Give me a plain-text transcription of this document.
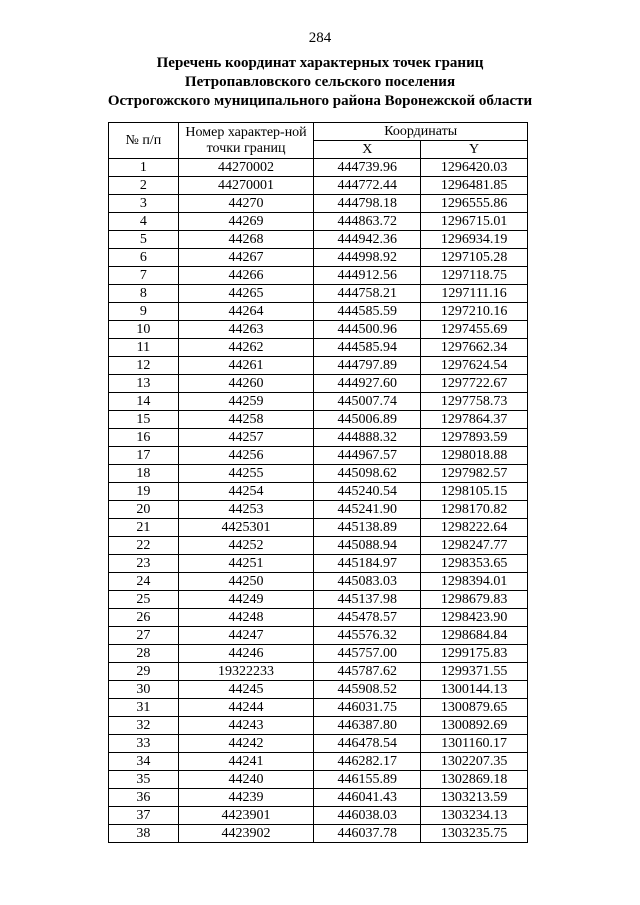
284
Перечень координат характерных точек границ
Петропавловского сельского поселения
Острогожского муниципального района Воронежской области
№ п/п	Номер характер-ной точки границ	Координаты	
		X	Y
1	44270002	444739.96	1296420.03
2	44270001	444772.44	1296481.85
3	44270	444798.18	1296555.86
4	44269	444863.72	1296715.01
5	44268	444942.36	1296934.19
6	44267	444998.92	1297105.28
7	44266	444912.56	1297118.75
8	44265	444758.21	1297111.16
9	44264	444585.59	1297210.16
10	44263	444500.96	1297455.69
11	44262	444585.94	1297662.34
12	44261	444797.89	1297624.54
13	44260	444927.60	1297722.67
14	44259	445007.74	1297758.73
15	44258	445006.89	1297864.37
16	44257	444888.32	1297893.59
17	44256	444967.57	1298018.88
18	44255	445098.62	1297982.57
19	44254	445240.54	1298105.15
20	44253	445241.90	1298170.82
21	4425301	445138.89	1298222.64
22	44252	445088.94	1298247.77
23	44251	445184.97	1298353.65
24	44250	445083.03	1298394.01
25	44249	445137.98	1298679.83
26	44248	445478.57	1298423.90
27	44247	445576.32	1298684.84
28	44246	445757.00	1299175.83
29	19322233	445787.62	1299371.55
30	44245	445908.52	1300144.13
31	44244	446031.75	1300879.65
32	44243	446387.80	1300892.69
33	44242	446478.54	1301160.17
34	44241	446282.17	1302207.35
35	44240	446155.89	1302869.18
36	44239	446041.43	1303213.59
37	4423901	446038.03	1303234.13
38	4423902	446037.78	1303235.75
